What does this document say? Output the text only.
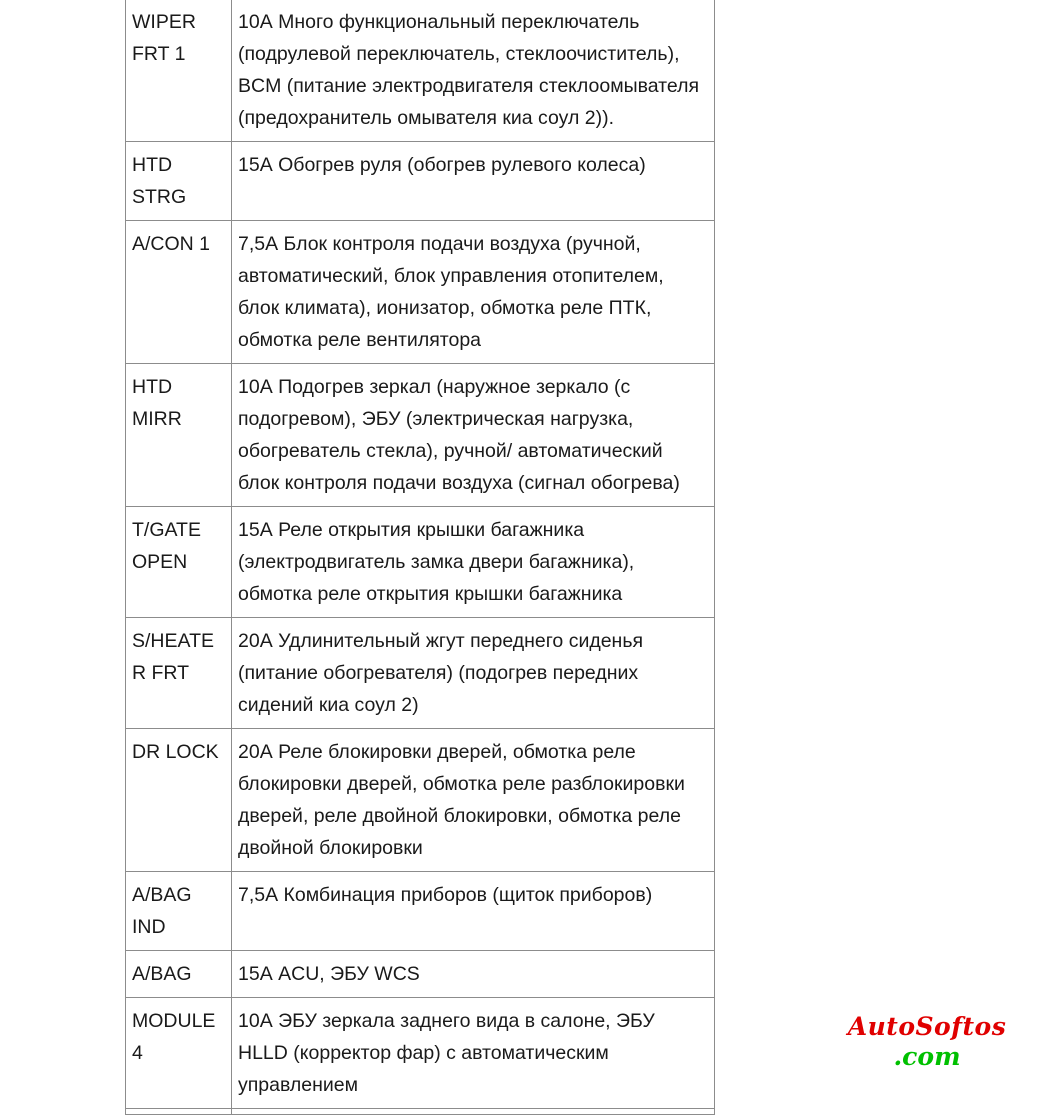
WIPER FRT 1	10А Много функциональный переключатель (подрулевой переключатель, стеклоочиститель), BCM (питание электродвигателя стеклоомывателя (предохранитель омывателя киа соул 2)).
HTD STRG	15А Обогрев руля (обогрев рулевого колеса)
A/CON 1	7,5А Блок контроля подачи воздуха (ручной, автоматический, блок управления отопителем, блок климата), ионизатор, обмотка реле ПТК, обмотка реле вентилятора
HTD MIRR	10А Подогрев зеркал (наружное зеркало (с подогревом), ЭБУ (электрическая нагрузка, обогреватель стекла), ручной/ автоматический блок контроля подачи воздуха (сигнал обогрева)
T/GATE OPEN	15А Реле открытия крышки багажника (электродвигатель замка двери багажника), обмотка реле открытия крышки багажника
S/HEATER FRT	20А Удлинительный жгут переднего сиденья (питание обогревателя) (подогрев передних сидений киа соул 2)
DR LOCK	20А Реле блокировки дверей, обмотка реле блокировки дверей, обмотка реле разблокировки дверей, реле двойной блокировки, обмотка реле двойной блокировки
A/BAG IND	7,5А Комбинация приборов (щиток приборов)
A/BAG	15А ACU, ЭБУ WCS
MODULE 4	10А ЭБУ зеркала заднего вида в салоне, ЭБУ HLLD (корректор фар) с автоматическим управлением

AutoSoftos
.com
